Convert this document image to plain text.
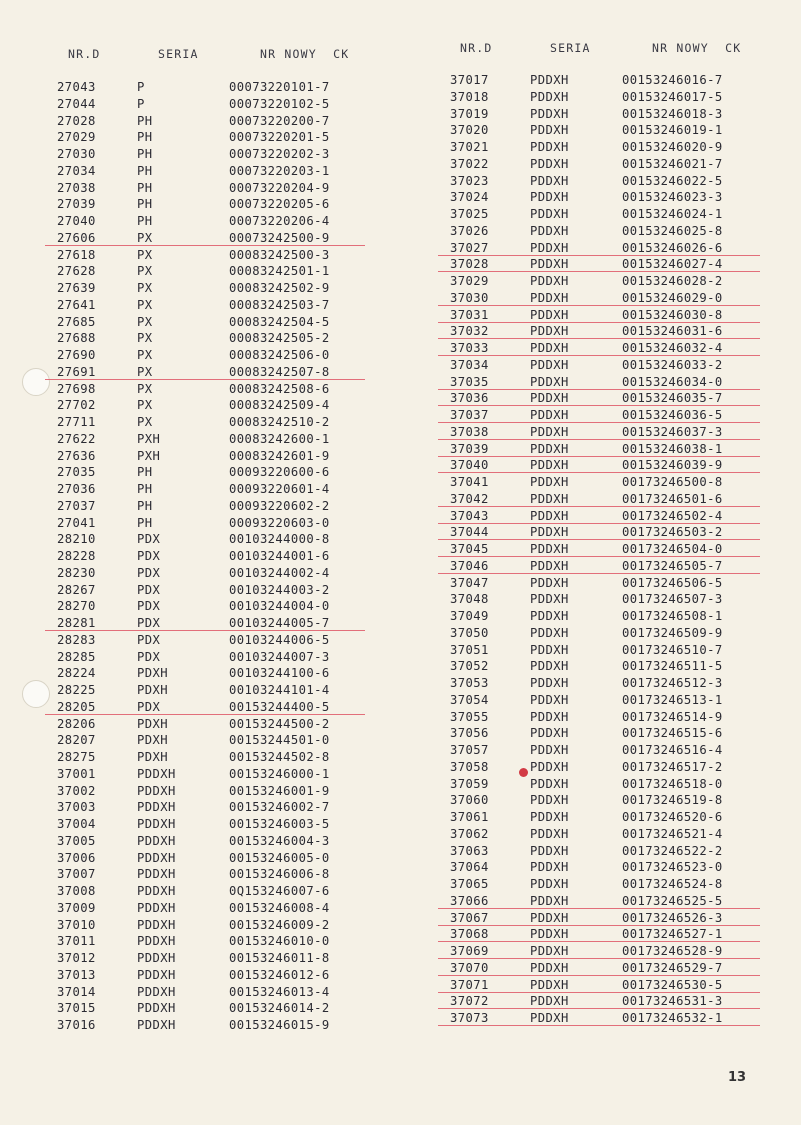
NR.D	SERIA	NR NOWY CK	NR.D	SERIA	NR NOWY CK
27043	P	00073220101-7
27044	P	00073220102-5
27028	PH	00073220200-7
27029	PH	00073220201-5
27030	PH	00073220202-3
27034	PH	00073220203-1
27038	PH	00073220204-9
27039	PH	00073220205-6
27040	PH	00073220206-4
27606	PX	00073242500-9
27618	PX	00083242500-3
27628	PX	00083242501-1
27639	PX	00083242502-9
27641	PX	00083242503-7
27685	PX	00083242504-5
27688	PX	00083242505-2
27690	PX	00083242506-0
27691	PX	00083242507-8
27698	PX	00083242508-6
27702	PX	00083242509-4
27711	PX	00083242510-2
27622	PXH	00083242600-1
27636	PXH	00083242601-9
27035	PH	00093220600-6
27036	PH	00093220601-4
27037	PH	00093220602-2
27041	PH	00093220603-0
28210	PDX	00103244000-8
28228	PDX	00103244001-6
28230	PDX	00103244002-4
28267	PDX	00103244003-2
28270	PDX	00103244004-0
28281	PDX	00103244005-7
28283	PDX	00103244006-5
28285	PDX	00103244007-3
28224	PDXH	00103244100-6
28225	PDXH	00103244101-4
28205	PDX	00153244400-5
28206	PDXH	00153244500-2
28207	PDXH	00153244501-0
28275	PDXH	00153244502-8
37001	PDDXH	00153246000-1
37002	PDDXH	00153246001-9
37003	PDDXH	00153246002-7
37004	PDDXH	00153246003-5
37005	PDDXH	00153246004-3
37006	PDDXH	00153246005-0
37007	PDDXH	00153246006-8
37008	PDDXH	0Q153246007-6
37009	PDDXH	00153246008-4
37010	PDDXH	00153246009-2
37011	PDDXH	00153246010-0
37012	PDDXH	00153246011-8
37013	PDDXH	00153246012-6
37014	PDDXH	00153246013-4
37015	PDDXH	00153246014-2
37016	PDDXH	00153246015-9
37017	PDDXH	00153246016-7
37018	PDDXH	00153246017-5
37019	PDDXH	00153246018-3
37020	PDDXH	00153246019-1
37021	PDDXH	00153246020-9
37022	PDDXH	00153246021-7
37023	PDDXH	00153246022-5
37024	PDDXH	00153246023-3
37025	PDDXH	00153246024-1
37026	PDDXH	00153246025-8
37027	PDDXH	00153246026-6
37028	PDDXH	00153246027-4
37029	PDDXH	00153246028-2
37030	PDDXH	00153246029-0
37031	PDDXH	00153246030-8
37032	PDDXH	00153246031-6
37033	PDDXH	00153246032-4
37034	PDDXH	00153246033-2
37035	PDDXH	00153246034-0
37036	PDDXH	00153246035-7
37037	PDDXH	00153246036-5
37038	PDDXH	00153246037-3
37039	PDDXH	00153246038-1
37040	PDDXH	00153246039-9
37041	PDDXH	00173246500-8
37042	PDDXH	00173246501-6
37043	PDDXH	00173246502-4
37044	PDDXH	00173246503-2
37045	PDDXH	00173246504-0
37046	PDDXH	00173246505-7
37047	PDDXH	00173246506-5
37048	PDDXH	00173246507-3
37049	PDDXH	00173246508-1
37050	PDDXH	00173246509-9
37051	PDDXH	00173246510-7
37052	PDDXH	00173246511-5
37053	PDDXH	00173246512-3
37054	PDDXH	00173246513-1
37055	PDDXH	00173246514-9
37056	PDDXH	00173246515-6
37057	PDDXH	00173246516-4
37058	PDDXH	00173246517-2
37059	PDDXH	00173246518-0
37060	PDDXH	00173246519-8
37061	PDDXH	00173246520-6
37062	PDDXH	00173246521-4
37063	PDDXH	00173246522-2
37064	PDDXH	00173246523-0
37065	PDDXH	00173246524-8
37066	PDDXH	00173246525-5
37067	PDDXH	00173246526-3
37068	PDDXH	00173246527-1
37069	PDDXH	00173246528-9
37070	PDDXH	00173246529-7
37071	PDDXH	00173246530-5
37072	PDDXH	00173246531-3
37073	PDDXH	00173246532-1
13
